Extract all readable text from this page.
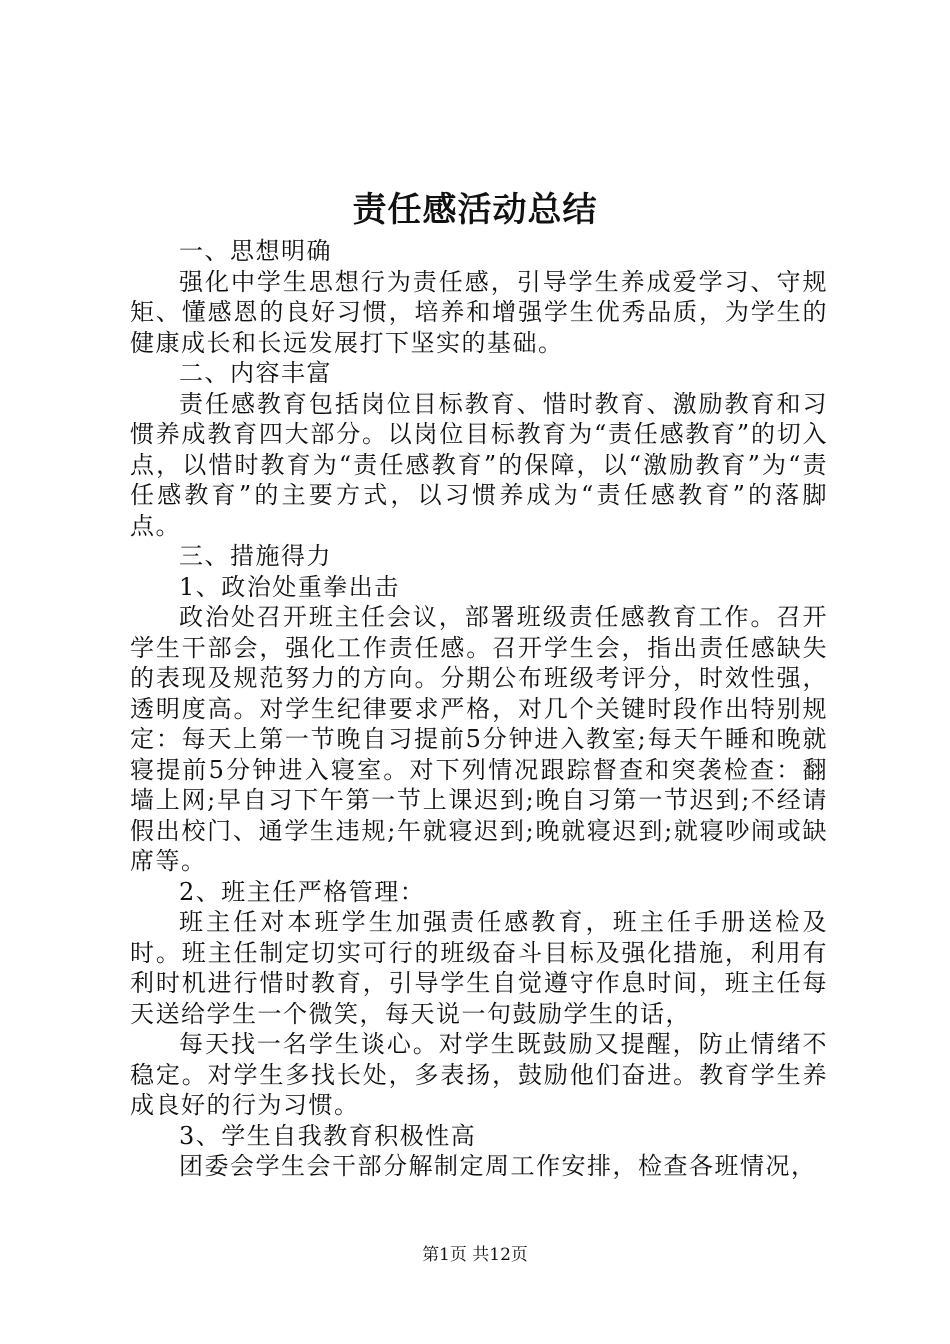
责任感活动总结

一、思想明确

强化中学生思想行为责任感，引导学生养成爱学习、守规矩、懂感恩的良好习惯，培养和增强学生优秀品质，为学生的健康成长和长远发展打下坚实的基础。

二、内容丰富

责任感教育包括岗位目标教育、惜时教育、激励教育和习惯养成教育四大部分。以岗位目标教育为“责任感教育”的切入点，以惜时教育为“责任感教育”的保障，以“激励教育”为“责任感教育”的主要方式，以习惯养成为“责任感教育”的落脚点。

三、措施得力

1、政治处重拳出击

政治处召开班主任会议，部署班级责任感教育工作。召开学生干部会，强化工作责任感。召开学生会，指出责任感缺失的表现及规范努力的方向。分期公布班级考评分，时效性强，透明度高。对学生纪律要求严格，对几个关键时段作出特别规定：每天上第一节晚自习提前5分钟进入教室;每天午睡和晚就寝提前5分钟进入寝室。对下列情况跟踪督查和突袭检查：翻墙上网;早自习下午第一节上课迟到;晚自习第一节迟到;不经请假出校门、通学生违规;午就寝迟到;晚就寝迟到;就寝吵闹或缺席等。

2、班主任严格管理：

班主任对本班学生加强责任感教育，班主任手册送检及时。班主任制定切实可行的班级奋斗目标及强化措施，利用有利时机进行惜时教育，引导学生自觉遵守作息时间，班主任每天送给学生一个微笑，每天说一句鼓励学生的话，

每天找一名学生谈心。对学生既鼓励又提醒，防止情绪不稳定。对学生多找长处，多表扬，鼓励他们奋进。教育学生养成良好的行为习惯。

3、学生自我教育积极性高

团委会学生会干部分解制定周工作安排，检查各班情况，

第1页 共12页
